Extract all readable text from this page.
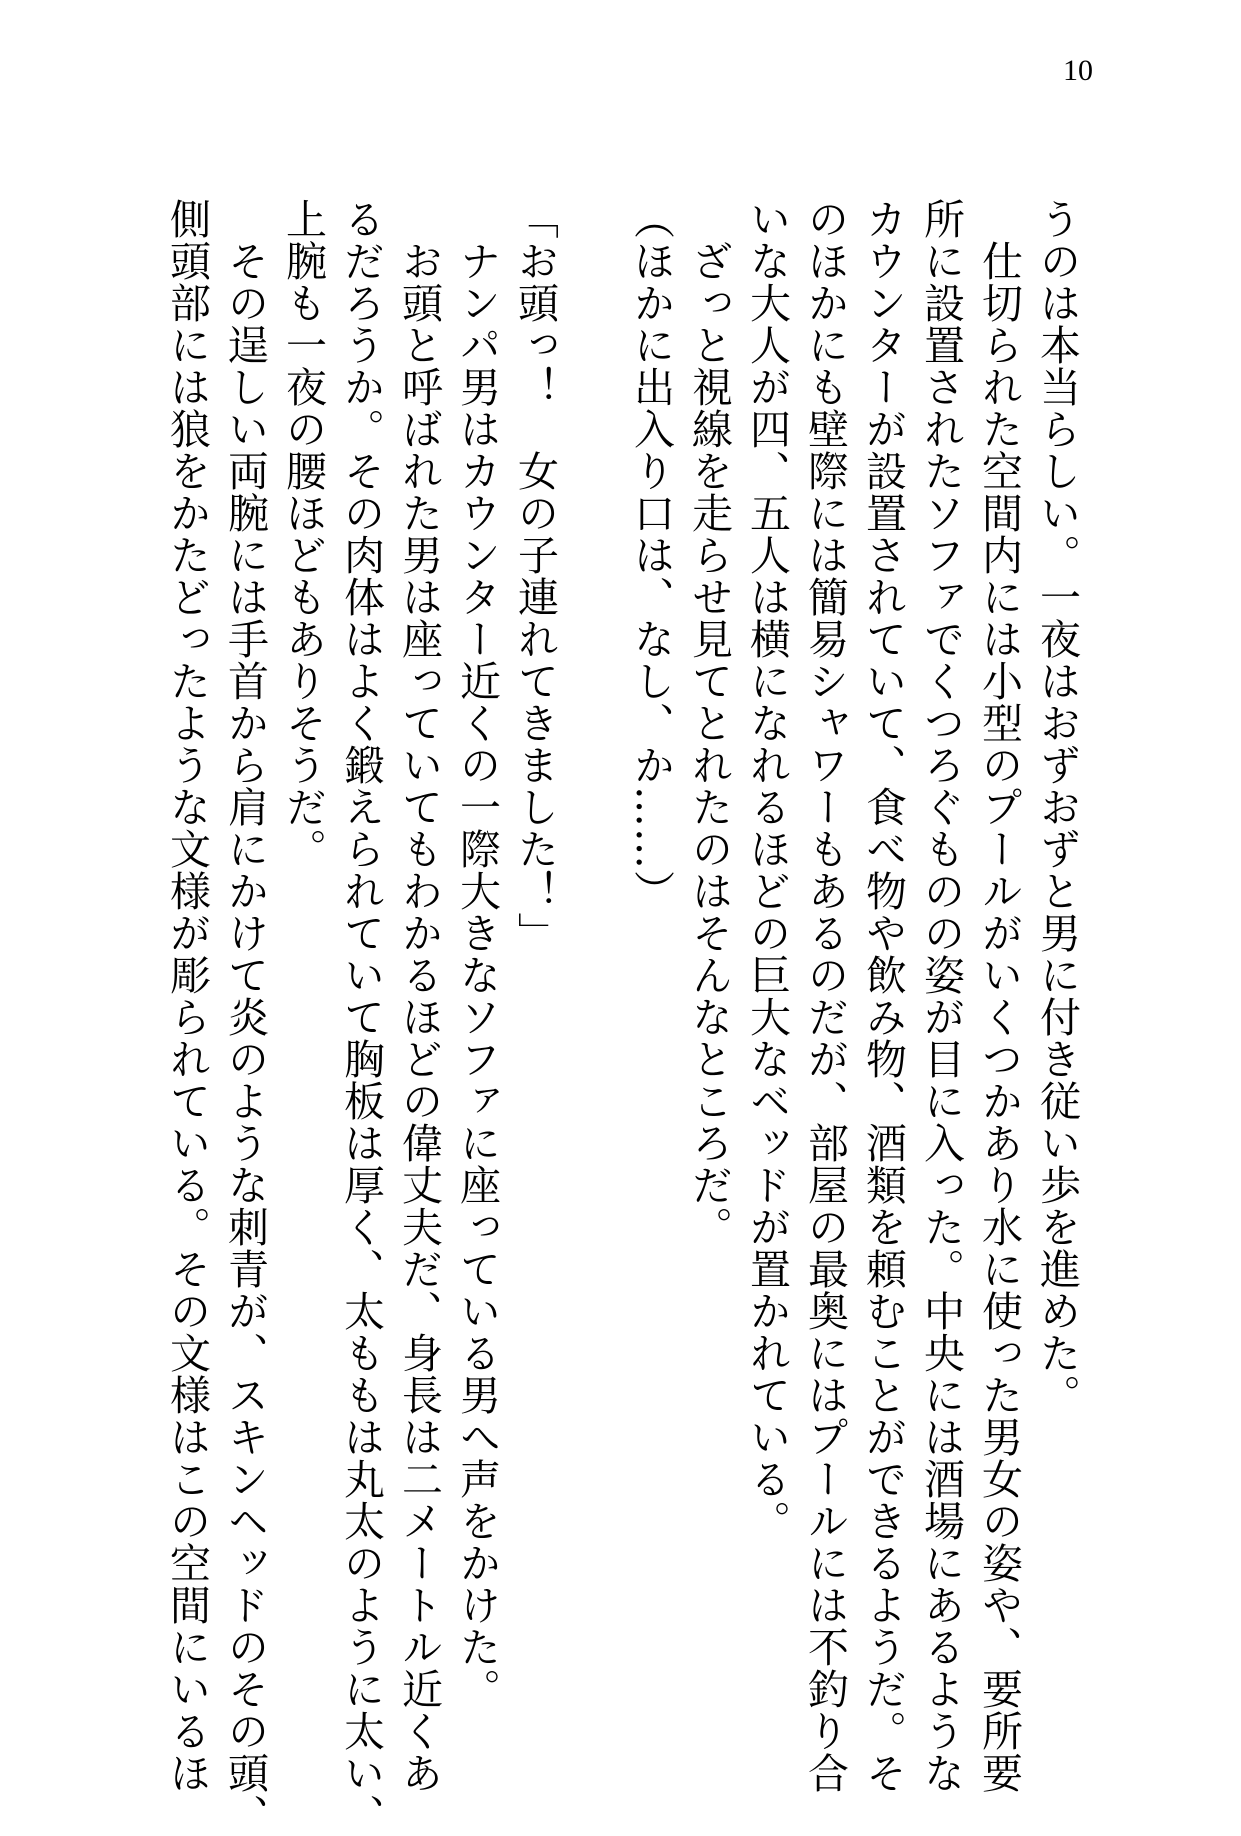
10
うのは本当らしい。一夜はおずおずと男に付き従い歩を進めた。
　仕切られた空間内には小型のプールがいくつかあり水に使った男女の姿や、要所要
所に設置されたソファでくつろぐものの姿が目に入った。中央には酒場にあるような
カウンターが設置されていて、食べ物や飲み物、酒類を頼むことができるようだ。そ
のほかにも壁際には簡易シャワーもあるのだが、部屋の最奥にはプールには不釣り合
いな大人が四、五人は横になれるほどの巨大なベッドが置かれている。
　ざっと視線を走らせ見てとれたのはそんなところだ。
（ほかに出入り口は、なし、か……）
「お頭っ！　女の子連れてきました！」
　ナンパ男はカウンター近くの一際大きなソファに座っている男へ声をかけた。
　お頭と呼ばれた男は座っていてもわかるほどの偉丈夫だ、身長は二メートル近くあ
るだろうか。その肉体はよく鍛えられていて胸板は厚く、太ももは丸太のように太い、
上腕も一夜の腰ほどもありそうだ。
　その逞しい両腕には手首から肩にかけて炎のような刺青が、スキンヘッドのその頭、
側頭部には狼をかたどったような文様が彫られている。その文様はこの空間にいるほ
